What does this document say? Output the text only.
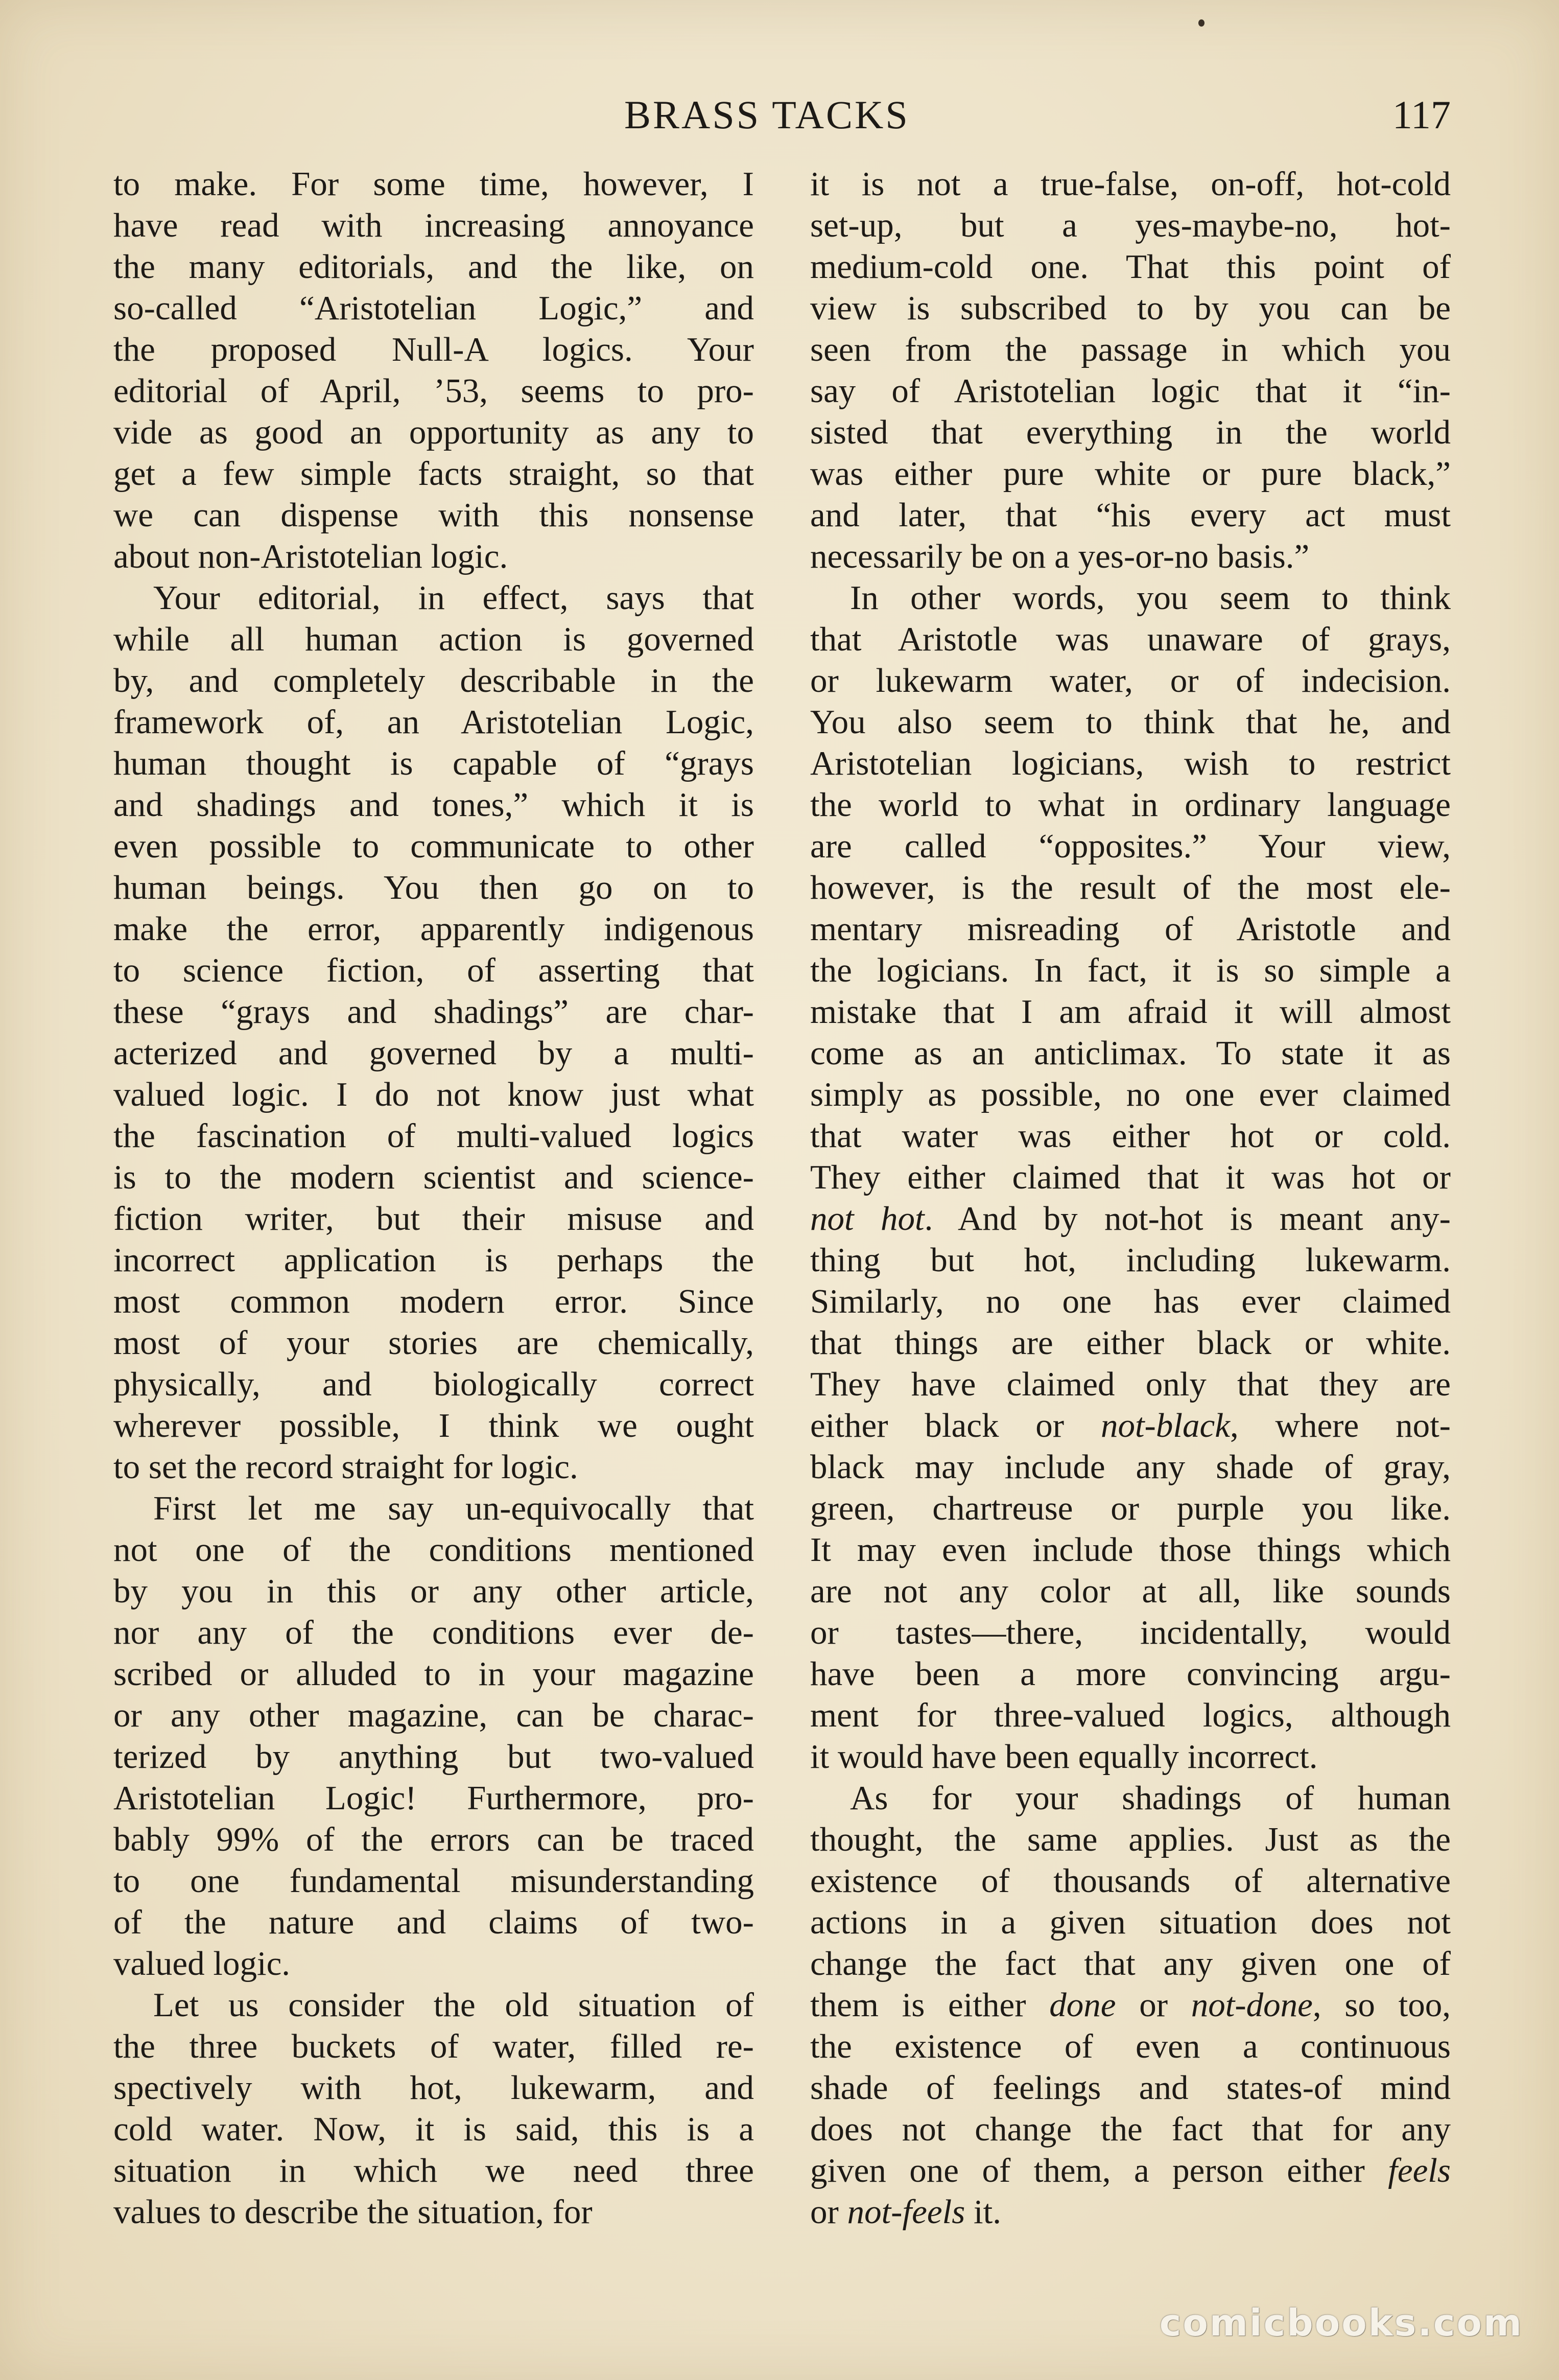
BRASS TACKS	117
to make. For some time, however, I
have read with increasing annoyance
the many editorials, and the like, on
so-called “Aristotelian Logic,” and
the proposed Null-A logics. Your
editorial of April, ’53, seems to pro-
vide as good an opportunity as any to
get a few simple facts straight, so that
we can dispense with this nonsense
about non-Aristotelian logic.
Your editorial, in effect, says that
while all human action is governed
by, and completely describable in the
framework of, an Aristotelian Logic,
human thought is capable of “grays
and shadings and tones,” which it is
even possible to communicate to other
human beings. You then go on to
make the error, apparently indigenous
to science fiction, of asserting that
these “grays and shadings” are char-
acterized and governed by a multi-
valued logic. I do not know just what
the fascination of multi-valued logics
is to the modern scientist and science-
fiction writer, but their misuse and
incorrect application is perhaps the
most common modern error. Since
most of your stories are chemically,
physically, and biologically correct
wherever possible, I think we ought
to set the record straight for logic.
First let me say un-equivocally that
not one of the conditions mentioned
by you in this or any other article,
nor any of the conditions ever de-
scribed or alluded to in your magazine
or any other magazine, can be charac-
terized by anything but two-valued
Aristotelian Logic! Furthermore, pro-
bably 99% of the errors can be traced
to one fundamental misunderstanding
of the nature and claims of two-
valued logic.
Let us consider the old situation of
the three buckets of water, filled re-
spectively with hot, lukewarm, and
cold water. Now, it is said, this is a
situation in which we need three
values to describe the situation, for
it is not a true-false, on-off, hot-cold
set-up, but a yes-maybe-no, hot-
medium-cold one. That this point of
view is subscribed to by you can be
seen from the passage in which you
say of Aristotelian logic that it “in-
sisted that everything in the world
was either pure white or pure black,”
and later, that “his every act must
necessarily be on a yes-or-no basis.”
In other words, you seem to think
that Aristotle was unaware of grays,
or lukewarm water, or of indecision.
You also seem to think that he, and
Aristotelian logicians, wish to restrict
the world to what in ordinary language
are called “opposites.” Your view,
however, is the result of the most ele-
mentary misreading of Aristotle and
the logicians. In fact, it is so simple a
mistake that I am afraid it will almost
come as an anticlimax. To state it as
simply as possible, no one ever claimed
that water was either hot or cold.
They either claimed that it was hot or
not hot. And by not-hot is meant any-
thing but hot, including lukewarm.
Similarly, no one has ever claimed
that things are either black or white.
They have claimed only that they are
either black or not-black, where not-
black may include any shade of gray,
green, chartreuse or purple you like.
It may even include those things which
are not any color at all, like sounds
or tastes—there, incidentally, would
have been a more convincing argu-
ment for three-valued logics, although
it would have been equally incorrect.
As for your shadings of human
thought, the same applies. Just as the
existence of thousands of alternative
actions in a given situation does not
change the fact that any given one of
them is either done or not-done, so too,
the existence of even a continuous
shade of feelings and states-of mind
does not change the fact that for any
given one of them, a person either feels
or not-feels it.
comicbooks.com
